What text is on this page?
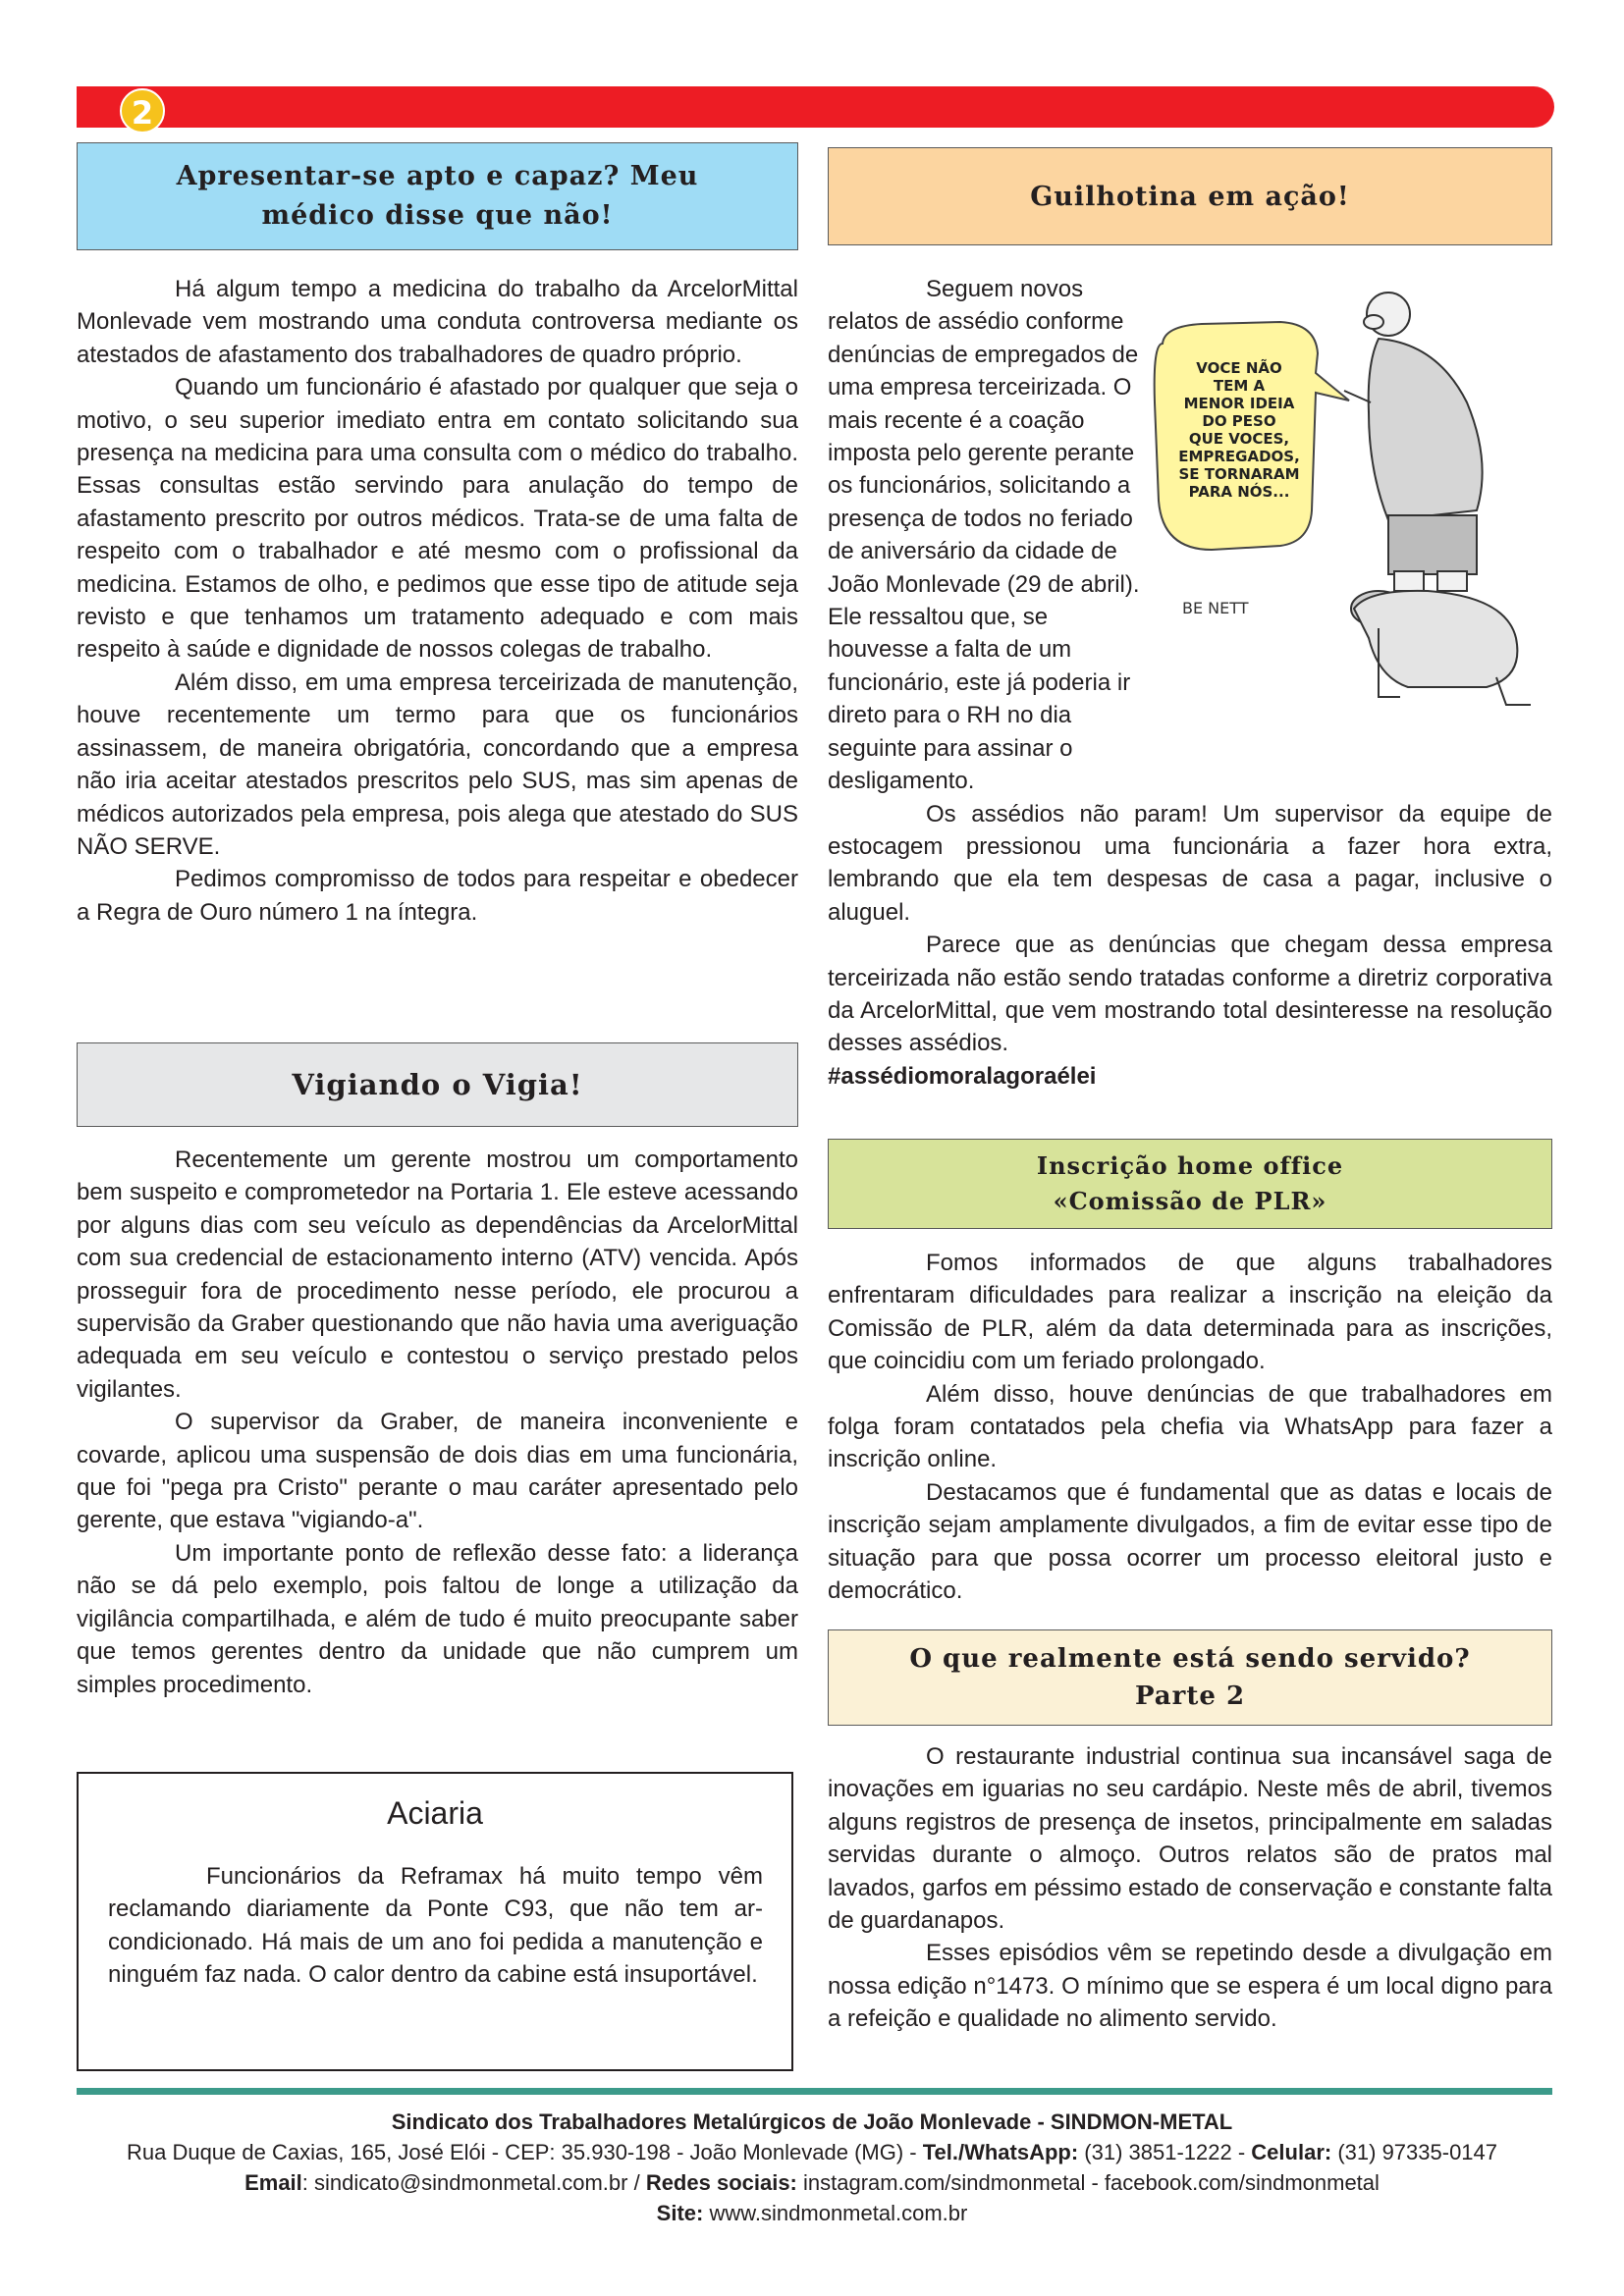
2
Apresentar-se apto e capaz? Meu
médico disse que não!

Há algum tempo a medicina do trabalho da ArcelorMittal Monlevade vem mostrando uma conduta controversa mediante os atestados de afastamento dos trabalhadores de quadro próprio.

Quando um funcionário é afastado por qualquer que seja o motivo, o seu superior imediato entra em contato solicitando sua presença na medicina para uma consulta com o médico do trabalho. Essas consultas estão servindo para anulação do tempo de afastamento prescrito por outros médicos. Trata-se de uma falta de respeito com o trabalhador e até mesmo com o profissional da medicina. Estamos de olho, e pedimos que esse tipo de atitude seja revisto e que tenhamos um tratamento adequado e com mais respeito à saúde e dignidade de nossos colegas de trabalho.

Além disso, em uma empresa terceirizada de manutenção, houve recentemente um termo para que os funcionários assinassem, de maneira obrigatória, concordando que a empresa não iria aceitar atestados prescritos pelo SUS, mas sim apenas de médicos autorizados pela empresa, pois alega que atestado do SUS NÃO SERVE.

Pedimos compromisso de todos para respeitar e obedecer a Regra de Ouro número 1 na íntegra.

Vigiando o Vigia!

Recentemente um gerente mostrou um comportamento bem suspeito e comprometedor na Portaria 1. Ele esteve acessando por alguns dias com seu veículo as dependências da ArcelorMittal com sua credencial de estacionamento interno (ATV) vencida. Após prosseguir fora de procedimento nesse período, ele procurou a supervisão da Graber questionando que não havia uma averiguação adequada em seu veículo e contestou o serviço prestado pelos vigilantes.

O supervisor da Graber, de maneira inconveniente e covarde, aplicou uma suspensão de dois dias em uma funcionária, que foi "pega pra Cristo" perante o mau caráter apresentado pelo gerente, que estava "vigiando-a".

Um importante ponto de reflexão desse fato: a liderança não se dá pelo exemplo, pois faltou de longe a utilização da vigilância compartilhada, e além de tudo é muito preocupante saber que temos gerentes dentro da unidade que não cumprem um simples procedimento.

Aciaria

Funcionários da Reframax há muito tempo vêm reclamando diariamente da Ponte C93, que não tem ar-condicionado. Há mais de um ano foi pedida a manutenção e ninguém faz nada. O calor dentro da cabine está insuportável.

Guilhotina em ação!

Seguem novos relatos de assédio conforme denúncias de empregados de uma empresa terceirizada. O mais recente é a coação imposta pelo gerente perante os funcionários, solicitando a presença de todos no feriado de aniversário da cidade de João Monlevade (29 de abril). Ele ressaltou que, se houvesse a falta de um funcionário, este já poderia ir direto para o RH no dia seguinte para assinar o desligamento.

Os assédios não param! Um supervisor da equipe de estocagem pressionou uma funcionária a fazer hora extra, lembrando que ela tem despesas de casa a pagar, inclusive o aluguel.

Parece que as denúncias que chegam dessa empresa terceirizada não estão sendo tratadas conforme a diretriz corporativa da ArcelorMittal, que vem mostrando total desinteresse na resolução desses assédios.

#assédiomoralagoraélei

VOCE NÃO
TEM A
MENOR IDEIA
DO PESO
QUE VOCES,
EMPREGADOS,
SE TORNARAM
PARA NÓS...
BE NETT
Inscrição home office
«Comissão de PLR»

Fomos informados de que alguns trabalhadores enfrentaram dificuldades para realizar a inscrição na eleição da Comissão de PLR, além da data determinada para as inscrições, que coincidiu com um feriado prolongado.

Além disso, houve denúncias de que trabalhadores em folga foram contatados pela chefia via WhatsApp para fazer a inscrição online.

Destacamos que é fundamental que as datas e locais de inscrição sejam amplamente divulgados, a fim de evitar esse tipo de situação para que possa ocorrer um processo eleitoral justo e democrático.

O que realmente está sendo servido?
Parte 2

O restaurante industrial continua sua incansável saga de inovações em iguarias no seu cardápio. Neste mês de abril, tivemos alguns registros de presença de insetos, principalmente em saladas servidas durante o almoço. Outros relatos são de pratos mal lavados, garfos em péssimo estado de conservação e constante falta de guardanapos.

Esses episódios vêm se repetindo desde a divulgação em nossa edição n°1473. O mínimo que se espera é um local digno para a refeição e qualidade no alimento servido.

Sindicato dos Trabalhadores Metalúrgicos de João Monlevade - SINDMON-METAL
Rua Duque de Caxias, 165, José Elói - CEP: 35.930-198 - João Monlevade (MG) - Tel./WhatsApp: (31) 3851-1222 - Celular: (31) 97335-0147
Email: sindicato@sindmonmetal.com.br / Redes sociais: instagram.com/sindmonmetal - facebook.com/sindmonmetal
Site: www.sindmonmetal.com.br
